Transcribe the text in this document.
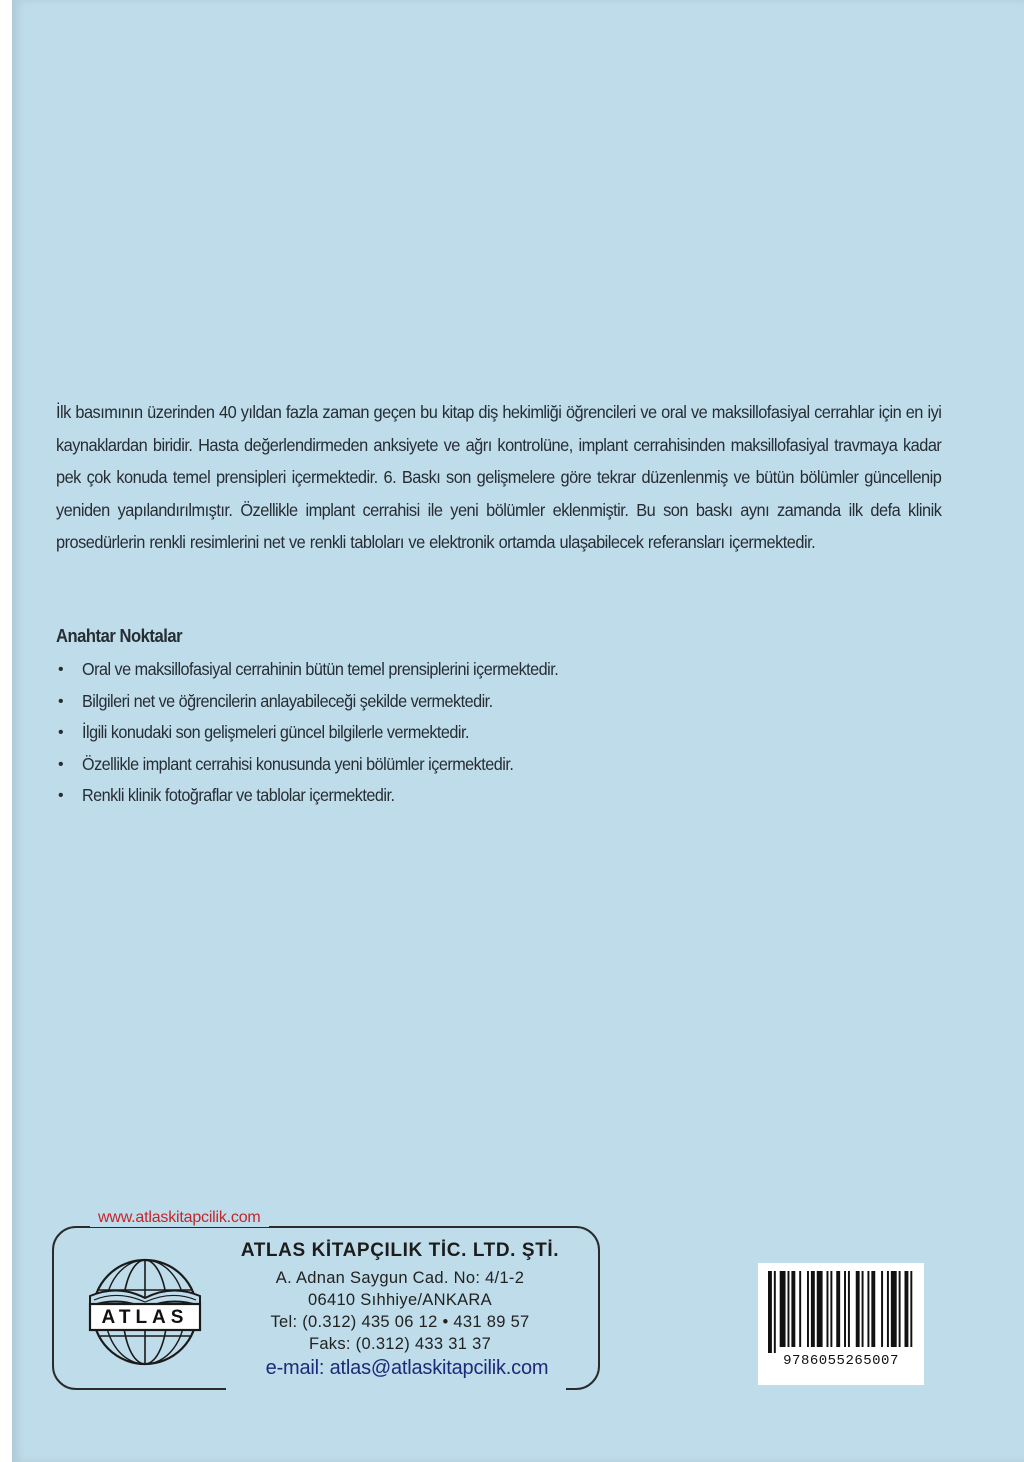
İlk basımının üzerinden 40 yıldan fazla zaman geçen bu kitap diş hekimliği öğrencileri ve oral ve maksillofasiyal cerrahlar için en iyi kaynaklardan biridir. Hasta değerlendirmeden anksiyete ve ağrı kontrolüne, implant cerrahisinden maksillofasiyal travmaya kadar pek çok konuda temel prensipleri içermektedir. 6. Baskı son gelişmelere göre tekrar düzenlenmiş ve bütün bölümler güncellenip yeniden yapılandırılmıştır. Özellikle implant cerrahisi ile yeni bölümler eklenmiştir. Bu son baskı aynı zamanda ilk defa klinik prosedürlerin renkli resimlerini net ve renkli tabloları ve elektronik ortamda ulaşabilecek referansları içermektedir.

Anahtar Noktalar
• Oral ve maksillofasiyal cerrahinin bütün temel prensiplerini içermektedir.
• Bilgileri net ve öğrencilerin anlayabileceği şekilde vermektedir.
• İlgili konudaki son gelişmeleri güncel bilgilerle vermektedir.
• Özellikle implant cerrahisi konusunda yeni bölümler içermektedir.
• Renkli klinik fotoğraflar ve tablolar içermektedir.
www.atlaskitapcilik.com
ATLAS
ATLAS KİTAPÇILIK TİC. LTD. ŞTİ.
A. Adnan Saygun Cad. No: 4/1-2
06410 Sıhhiye/ANKARA
Tel: (0.312) 435 06 12 • 431 89 57
Faks: (0.312) 433 31 37
e-mail: atlas@atlaskitapcilik.com	9786055265007
